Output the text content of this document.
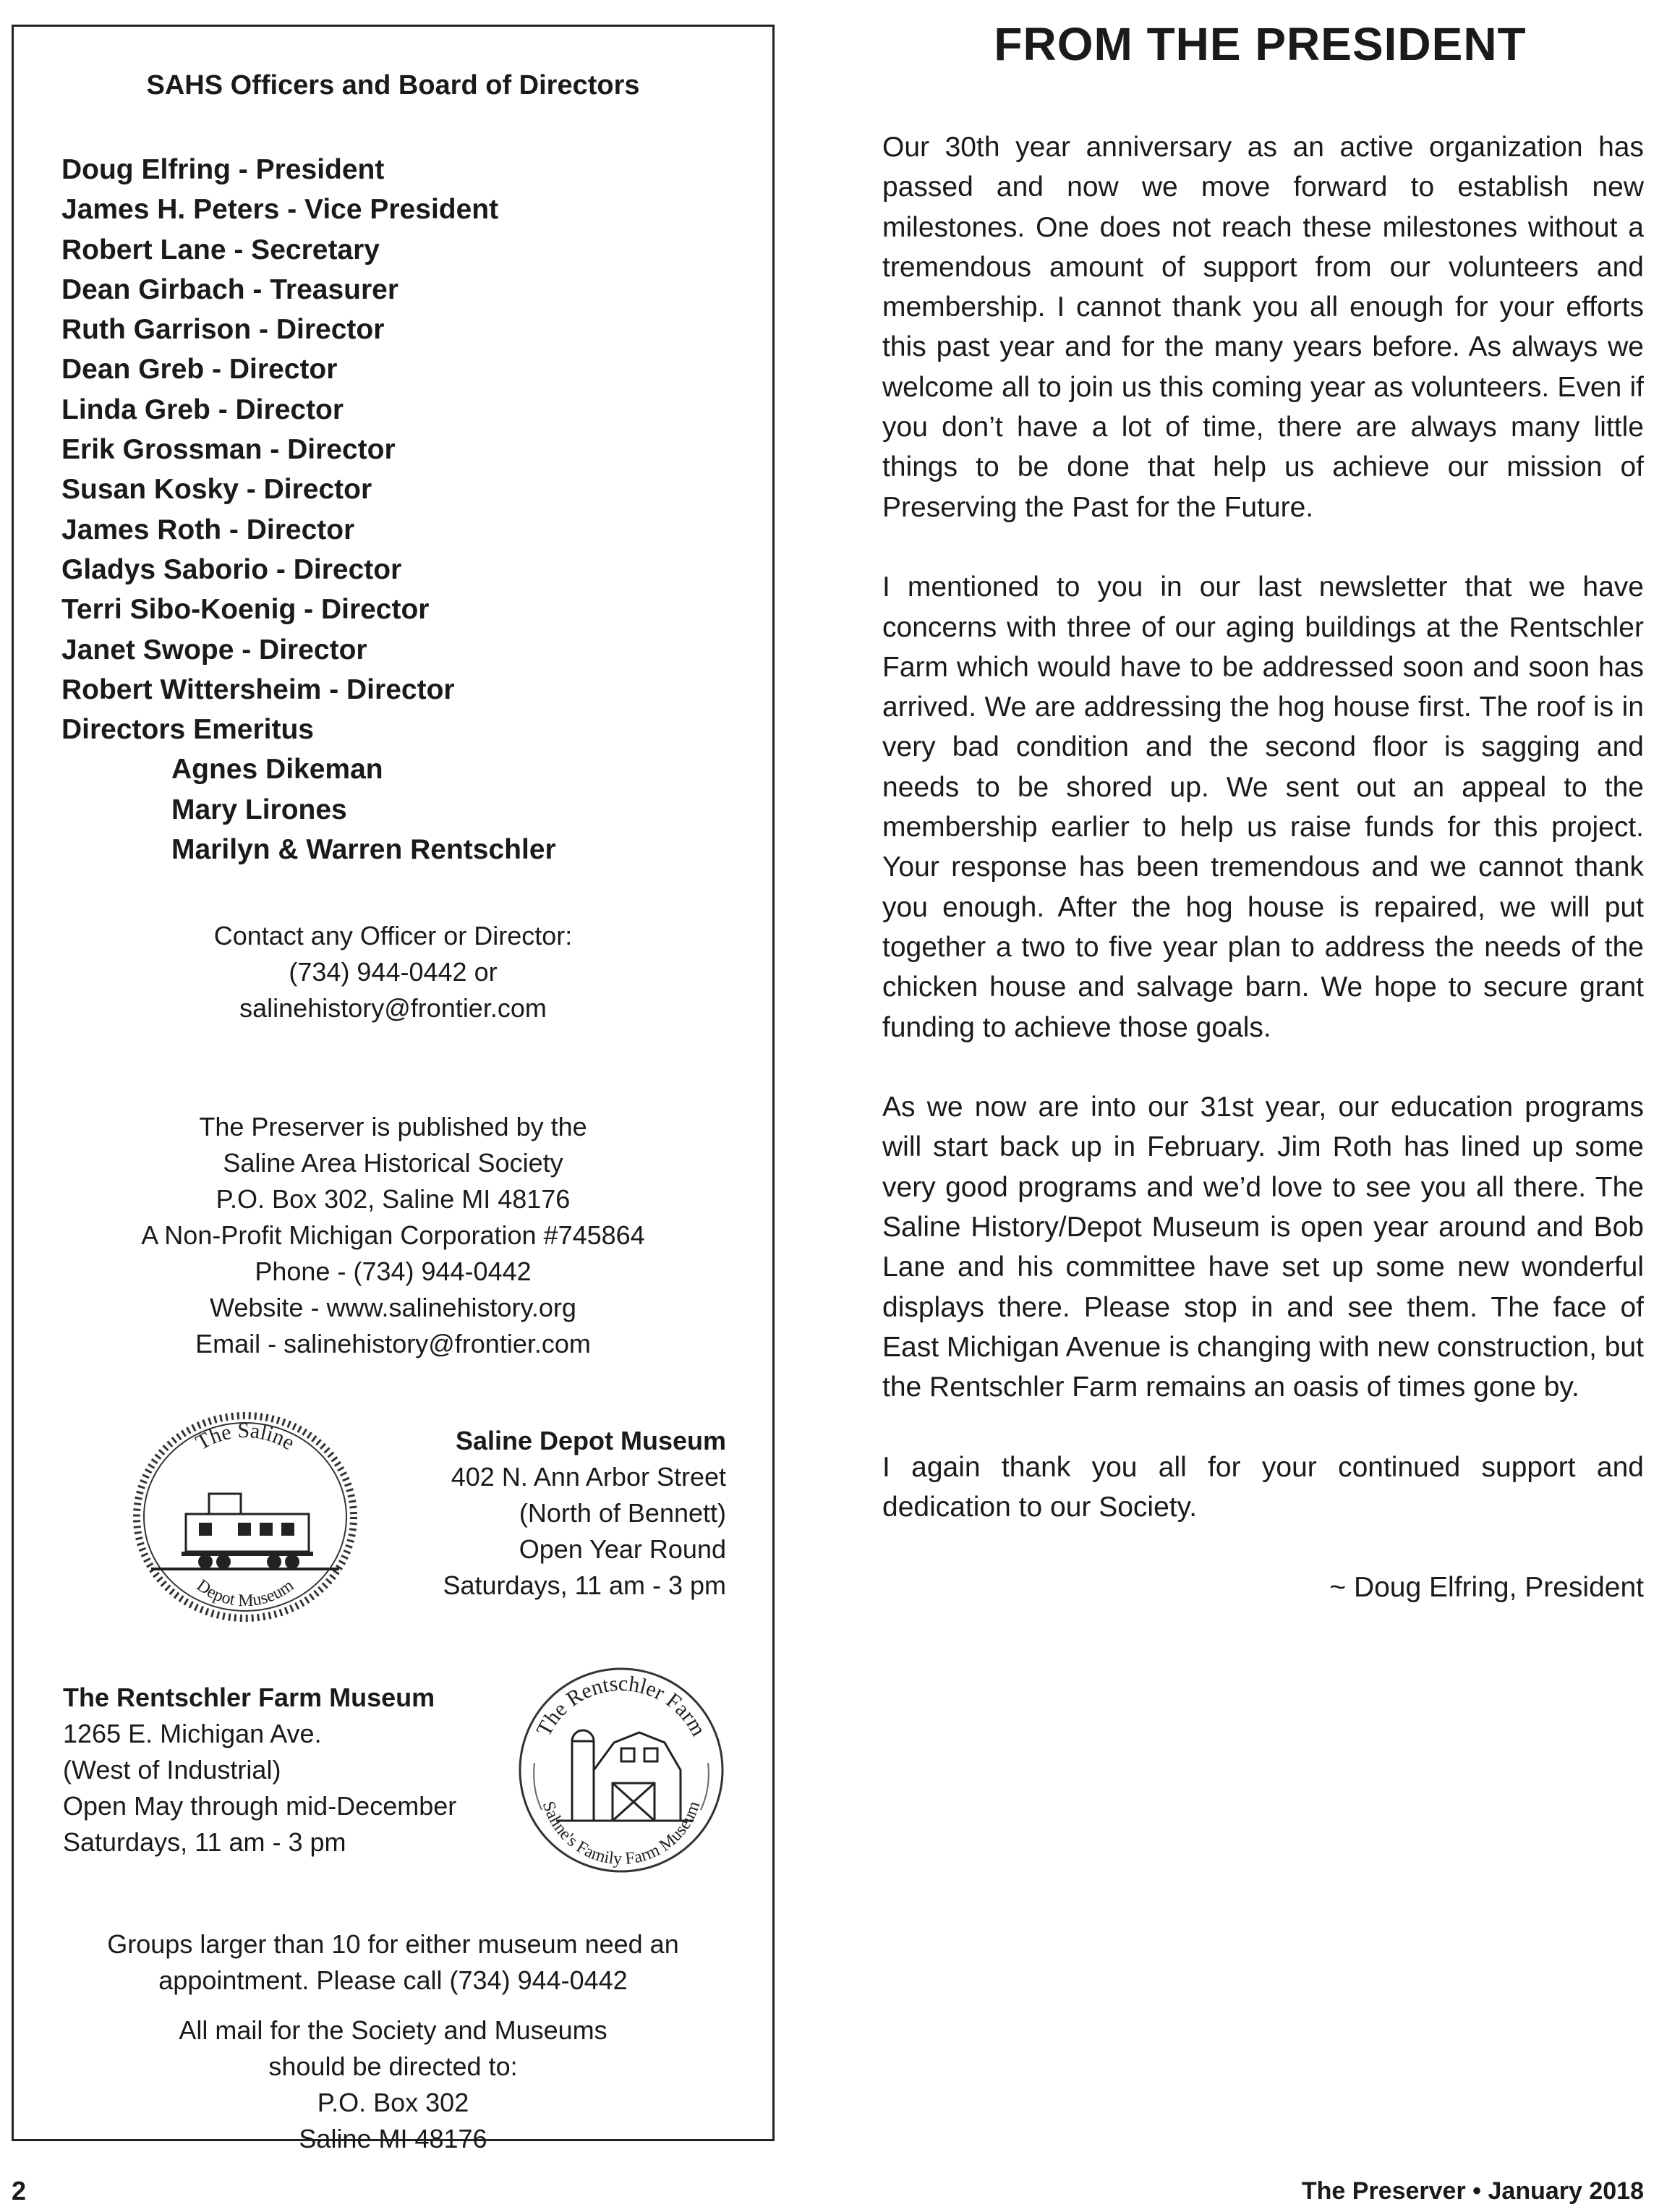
SAHS Officers and Board of Directors
Doug Elfring - President
James H. Peters - Vice President
Robert Lane - Secretary
Dean Girbach - Treasurer
Ruth Garrison - Director
Dean Greb - Director
Linda Greb - Director
Erik Grossman - Director
Susan Kosky - Director
James Roth - Director
Gladys Saborio - Director
Terri Sibo-Koenig - Director
Janet Swope - Director
Robert Wittersheim - Director
Directors Emeritus
Agnes Dikeman
Mary Lirones
Marilyn & Warren Rentschler
Contact any Officer or Director:
(734) 944-0442 or
salinehistory@frontier.com
The Preserver is published by the
Saline Area Historical Society
P.O. Box 302, Saline MI 48176
A Non-Profit Michigan Corporation #745864
Phone - (734) 944-0442
Website - www.salinehistory.org
Email - salinehistory@frontier.com
The Saline
Depot Museum
Saline Depot Museum
402 N. Ann Arbor Street
(North of Bennett)
Open Year Round
Saturdays, 11 am - 3 pm
The Rentschler Farm Museum
1265 E. Michigan Ave.
(West of Industrial)
Open May through mid-December
Saturdays, 11 am - 3 pm
The Rentschler Farm
Saline's Family Farm Museum
Groups larger than 10 for either museum need an
appointment. Please call (734) 944-0442
All mail for the Society and Museums
should be directed to:
P.O. Box 302
Saline MI 48176
FROM THE PRESIDENT

Our 30th year anniversary as an active organization has passed and now we move forward to establish new milestones. One does not reach these milestones without a tremendous amount of support from our volunteers and membership. I cannot thank you all enough for your efforts this past year and for the many years before. As always we welcome all to join us this coming year as volunteers. Even if you don’t have a lot of time, there are always many little things to be done that help us achieve our mission of Preserving the Past for the Future.

I mentioned to you in our last newsletter that we have concerns with three of our aging buildings at the Rentschler Farm which would have to be addressed soon and soon has arrived. We are addressing the hog house first. The roof is in very bad condition and the second floor is sagging and needs to be shored up. We sent out an appeal to the membership earlier to help us raise funds for this project. Your response has been tremendous and we cannot thank you enough. After the hog house is repaired, we will put together a two to five year plan to address the needs of the chicken house and salvage barn. We hope to secure grant funding to achieve those goals.

As we now are into our 31st year, our education programs will start back up in February. Jim Roth has lined up some very good programs and we’d love to see you all there. The Saline History/Depot Museum is open year around and Bob Lane and his committee have set up some new wonderful displays there. Please stop in and see them. The face of East Michigan Avenue is changing with new construction, but the Rentschler Farm remains an oasis of times gone by.

I again thank you all for your continued support and dedication to our Society.

~ Doug Elfring, President

2	The Preserver • January 2018
